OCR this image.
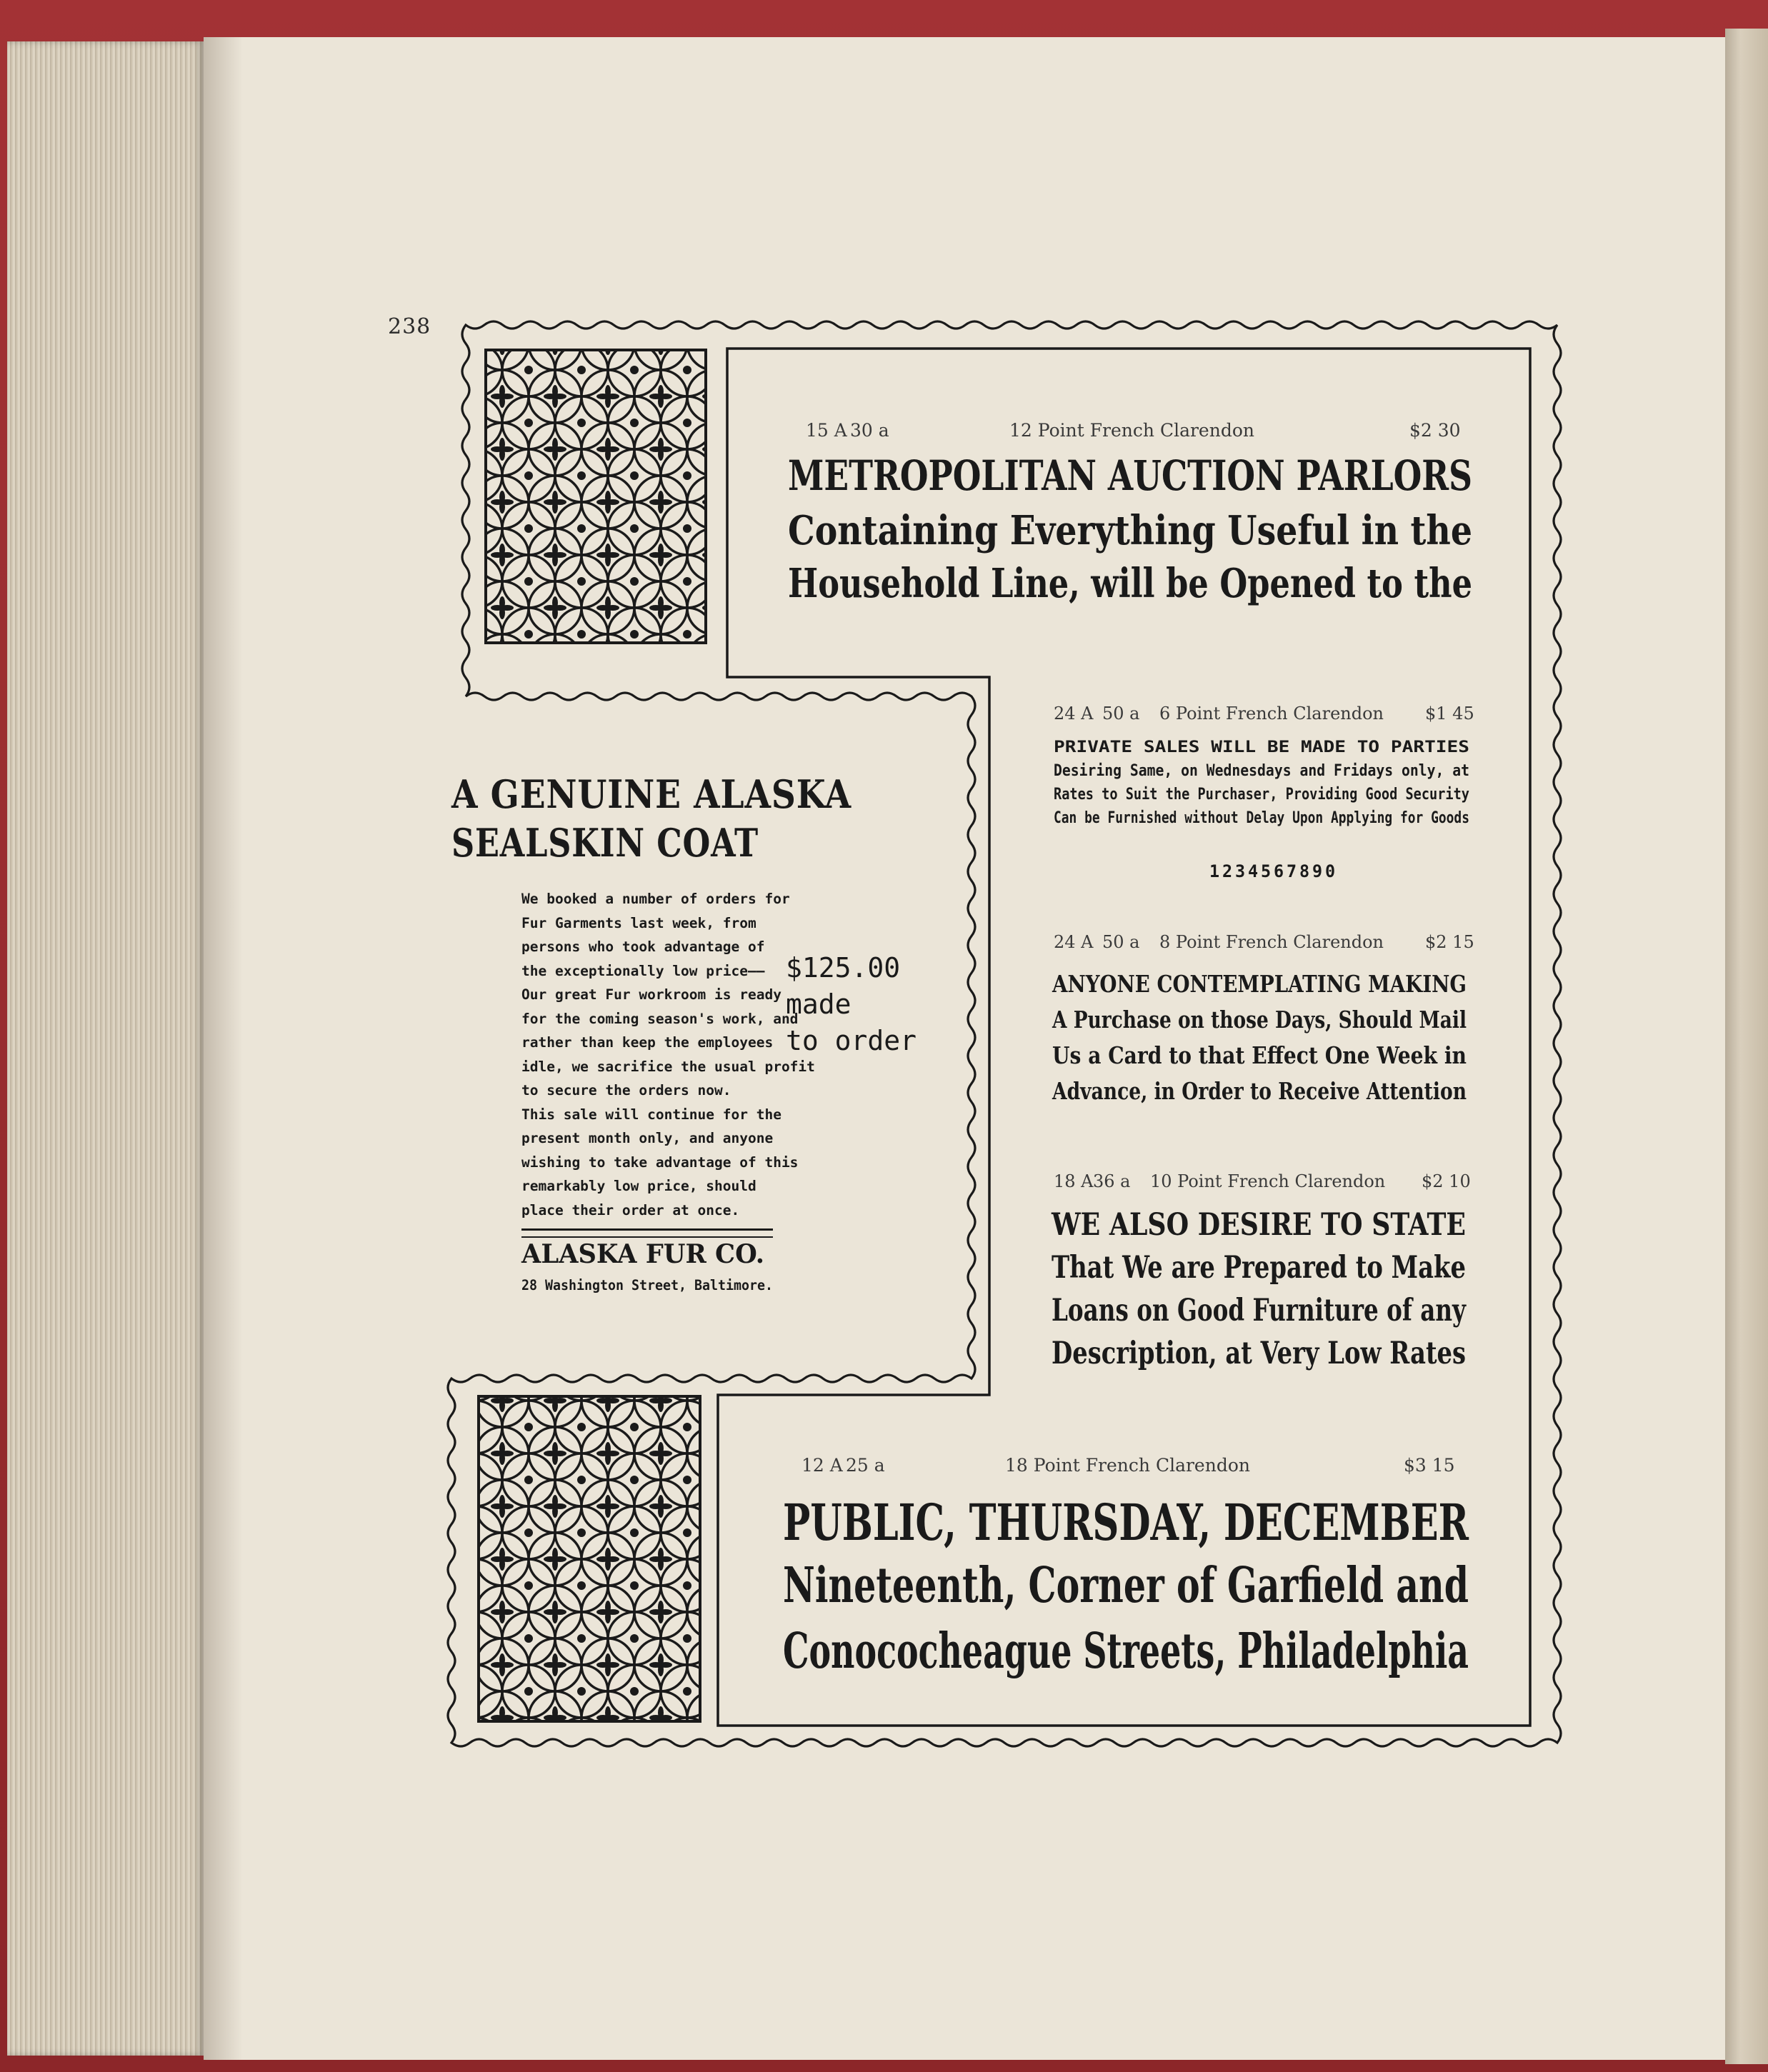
238
15 A 30 a	12 Point French Clarendon	$2 30
24 A 50 a 6 Point French Clarendon $1 45
24 A 50 a 8 Point French Clarendon $2 15
18 A 36 a 10 Point French Clarendon $2 10
12 A 25 a	18 Point French Clarendon	$3 15
METROPOLITAN AUCTION PARLORS
Containing Everything Useful in the
Household Line, will be Opened to the
PRIVATE SALES WILL BE MADE TO PARTIES
Desiring Same, on Wednesdays and Fridays only, at
Rates to Suit the Purchaser, Providing Good Security
Can be Furnished without Delay Upon Applying for Goods
1234567890
ANYONE CONTEMPLATING MAKING
A Purchase on those Days, Should Mail
Us a Card to that Effect One Week in
Advance, in Order to Receive Attention
WE ALSO DESIRE TO STATE
That We are Prepared to Make
Loans on Good Furniture of any
Description, at Very Low Rates
PUBLIC, THURSDAY, DECEMBER
Nineteenth, Corner of Garfield and
Conococheague Streets, Philadelphia
A GENUINE ALASKA
SEALSKIN COAT
We booked a number of orders for
Fur Garments last week, from
persons who took advantage of
the exceptionally low price——
Our great Fur workroom is ready
for the coming season's work, and
rather than keep the employees
idle, we sacrifice the usual profit
to secure the orders now.
This sale will continue for the
present month only, and anyone
wishing to take advantage of this
remarkably low price, should
place their order at once.
$125.00
made
to order
ALASKA FUR CO.
28 Washington Street, Baltimore.
